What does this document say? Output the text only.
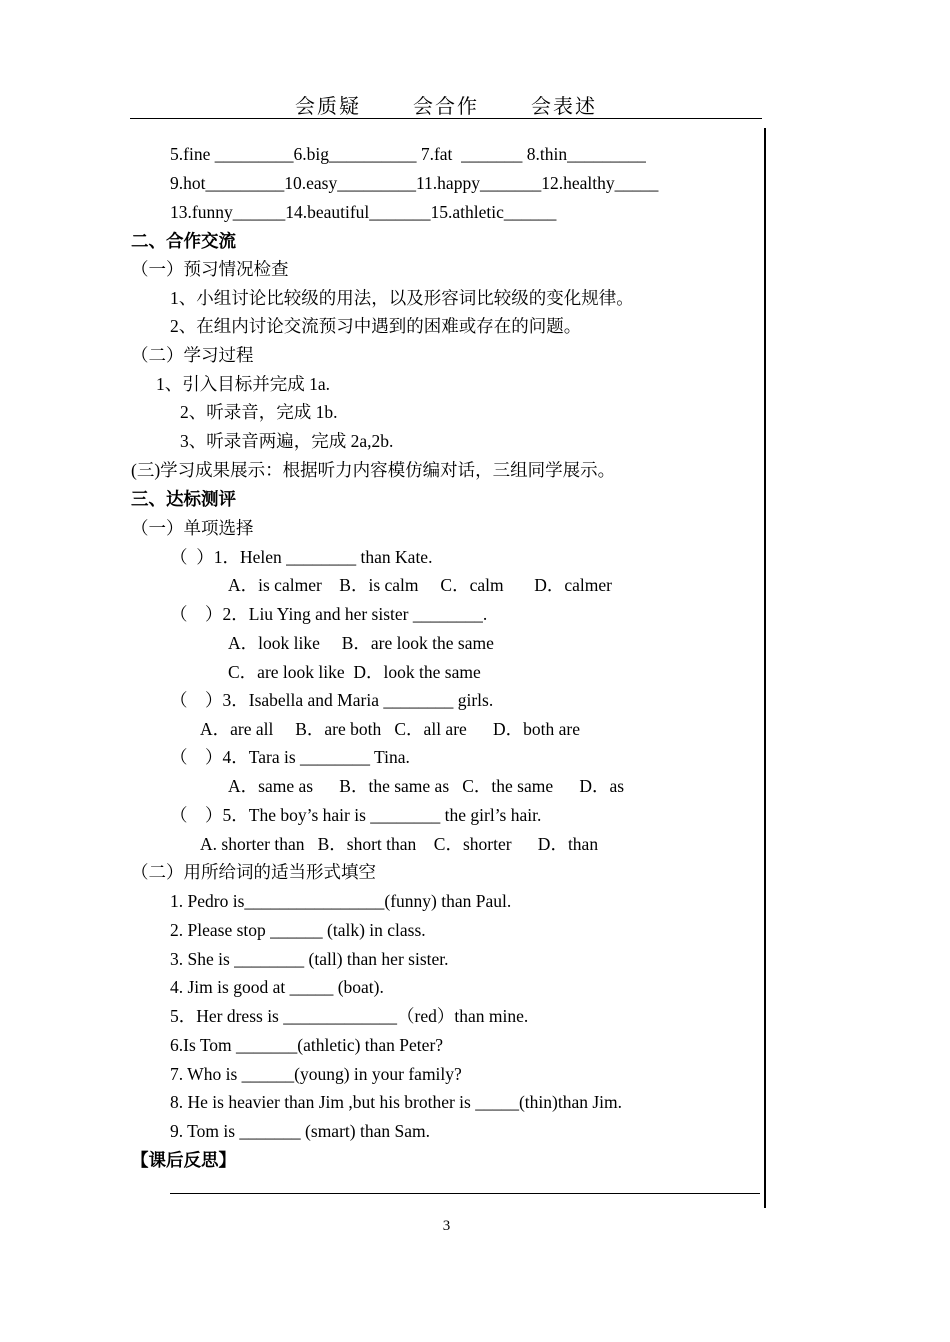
会质疑	会合作	会表述
5.fine _________6.big__________ 7.fat  _______ 8.thin_________
9.hot_________10.easy_________11.happy_______12.healthy_____
13.funny______14.beautiful_______15.athletic______
二、合作交流
（一）预习情况检查
1、小组讨论比较级的用法，以及形容词比较级的变化规律。
2、在组内讨论交流预习中遇到的困难或存在的问题。
（二）学习过程
1、引入目标并完成 1a.
2、听录音，完成 1b.
3、听录音两遍，完成 2a,2b.
(三)学习成果展示：根据听力内容模仿编对话，三组同学展示。
三、达标测评
（一）单项选择
（  ）1．Helen ________ than Kate.
A．is calmer    B．is calm     C．calm       D．calmer
（    ）2．Liu Ying and her sister ________.
A．look like     B．are look the same
C．are look like  D．look the same
（    ）3．Isabella and Maria ________ girls.
A．are all     B．are both   C．all are      D．both are
（    ）4．Tara is ________ Tina.
A．same as      B．the same as   C．the same      D．as
（    ）5．The boy’s hair is ________ the girl’s hair.
A. shorter than   B．short than    C．shorter      D．than
（二）用所给词的适当形式填空
1. Pedro is________________(funny) than Paul.
2. Please stop ______ (talk) in class.
3. She is ________ (tall) than her sister.
4. Jim is good at _____ (boat).
5．Her dress is _____________（red）than mine.
6.Is Tom _______(athletic) than Peter?
7. Who is ______(young) in your family?
8. He is heavier than Jim ,but his brother is _____(thin)than Jim.
9. Tom is _______ (smart) than Sam.
【课后反思】
3
